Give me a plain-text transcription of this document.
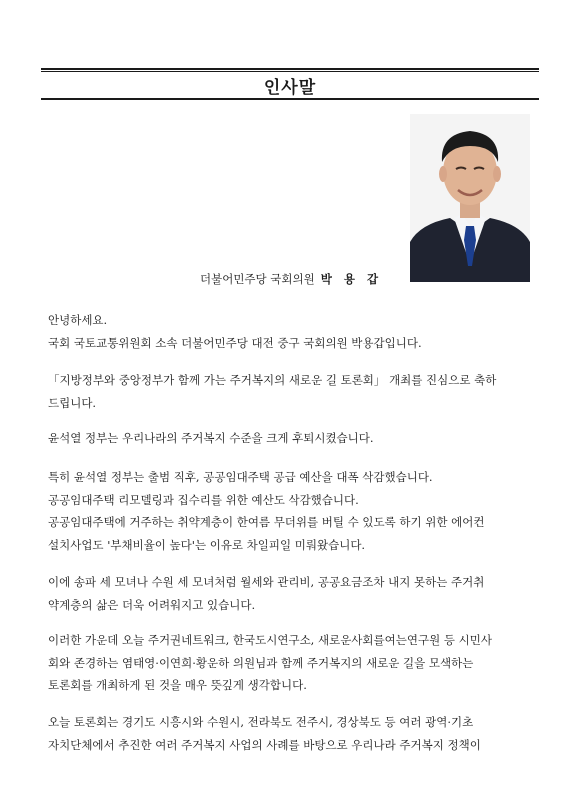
인사말
더불어민주당 국회의원 박 용 갑

안녕하세요.

국회 국토교통위원회 소속 더불어민주당 대전 중구 국회의원 박용갑입니다.

「지방정부와 중앙정부가 함께 가는 주거복지의 새로운 길 토론회」 개최를 진심으로 축하

드립니다.

윤석열 정부는 우리나라의 주거복지 수준을 크게 후퇴시켰습니다.

특히 윤석열 정부는 출범 직후, 공공임대주택 공급 예산을 대폭 삭감했습니다.

공공임대주택 리모델링과 집수리를 위한 예산도 삭감했습니다.

공공임대주택에 거주하는 취약계층이 한여름 무더위를 버틸 수 있도록 하기 위한 에어컨

설치사업도 '부채비율이 높다'는 이유로 차일피일 미뤄왔습니다.

이에 송파 세 모녀나 수원 세 모녀처럼 월세와 관리비, 공공요금조차 내지 못하는 주거취

약계층의 삶은 더욱 어려워지고 있습니다.

이러한 가운데 오늘 주거권네트워크, 한국도시연구소, 새로운사회를여는연구원 등 시민사

회와 존경하는 염태영·이연희·황운하 의원님과 함께 주거복지의 새로운 길을 모색하는

토론회를 개최하게 된 것을 매우 뜻깊게 생각합니다.

오늘 토론회는 경기도 시흥시와 수원시, 전라북도 전주시, 경상북도 등 여러 광역·기초

자치단체에서 추진한 여러 주거복지 사업의 사례를 바탕으로 우리나라 주거복지 정책이
